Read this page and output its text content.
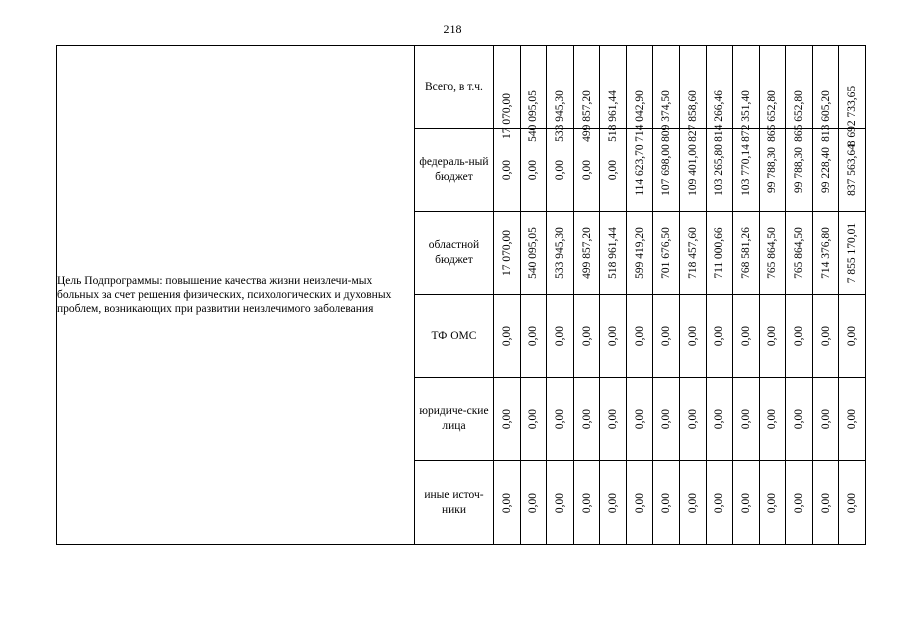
218
Цель Подпрограммы: повышение качества жизни неизлечи-мых больных за счет решения физических, психологических и духовных проблем, возникающих при развитии неизлечимого заболевания	Всего, в т.ч.	17 070,00	540 095,05	533 945,30	499 857,20	518 961,44	714 042,90	809 374,50	827 858,60	814 266,46	872 351,40	865 652,80	865 652,80	813 605,20	8 692 733,65

	федераль-ный бюджет	0,00	0,00	0,00	0,00	0,00	114 623,70	107 698,00	109 401,00	103 265,80	103 770,14	99 788,30	99 788,30	99 228,40	837 563,64

	областной бюджет	17 070,00	540 095,05	533 945,30	499 857,20	518 961,44	599 419,20	701 676,50	718 457,60	711 000,66	768 581,26	765 864,50	765 864,50	714 376,80	7 855 170,01

	ТФ ОМС	0,00	0,00	0,00	0,00	0,00	0,00	0,00	0,00	0,00	0,00	0,00	0,00	0,00	0,00

	юридиче-ские лица	0,00	0,00	0,00	0,00	0,00	0,00	0,00	0,00	0,00	0,00	0,00	0,00	0,00	0,00

	иные источ-ники	0,00	0,00	0,00	0,00	0,00	0,00	0,00	0,00	0,00	0,00	0,00	0,00	0,00	0,00
